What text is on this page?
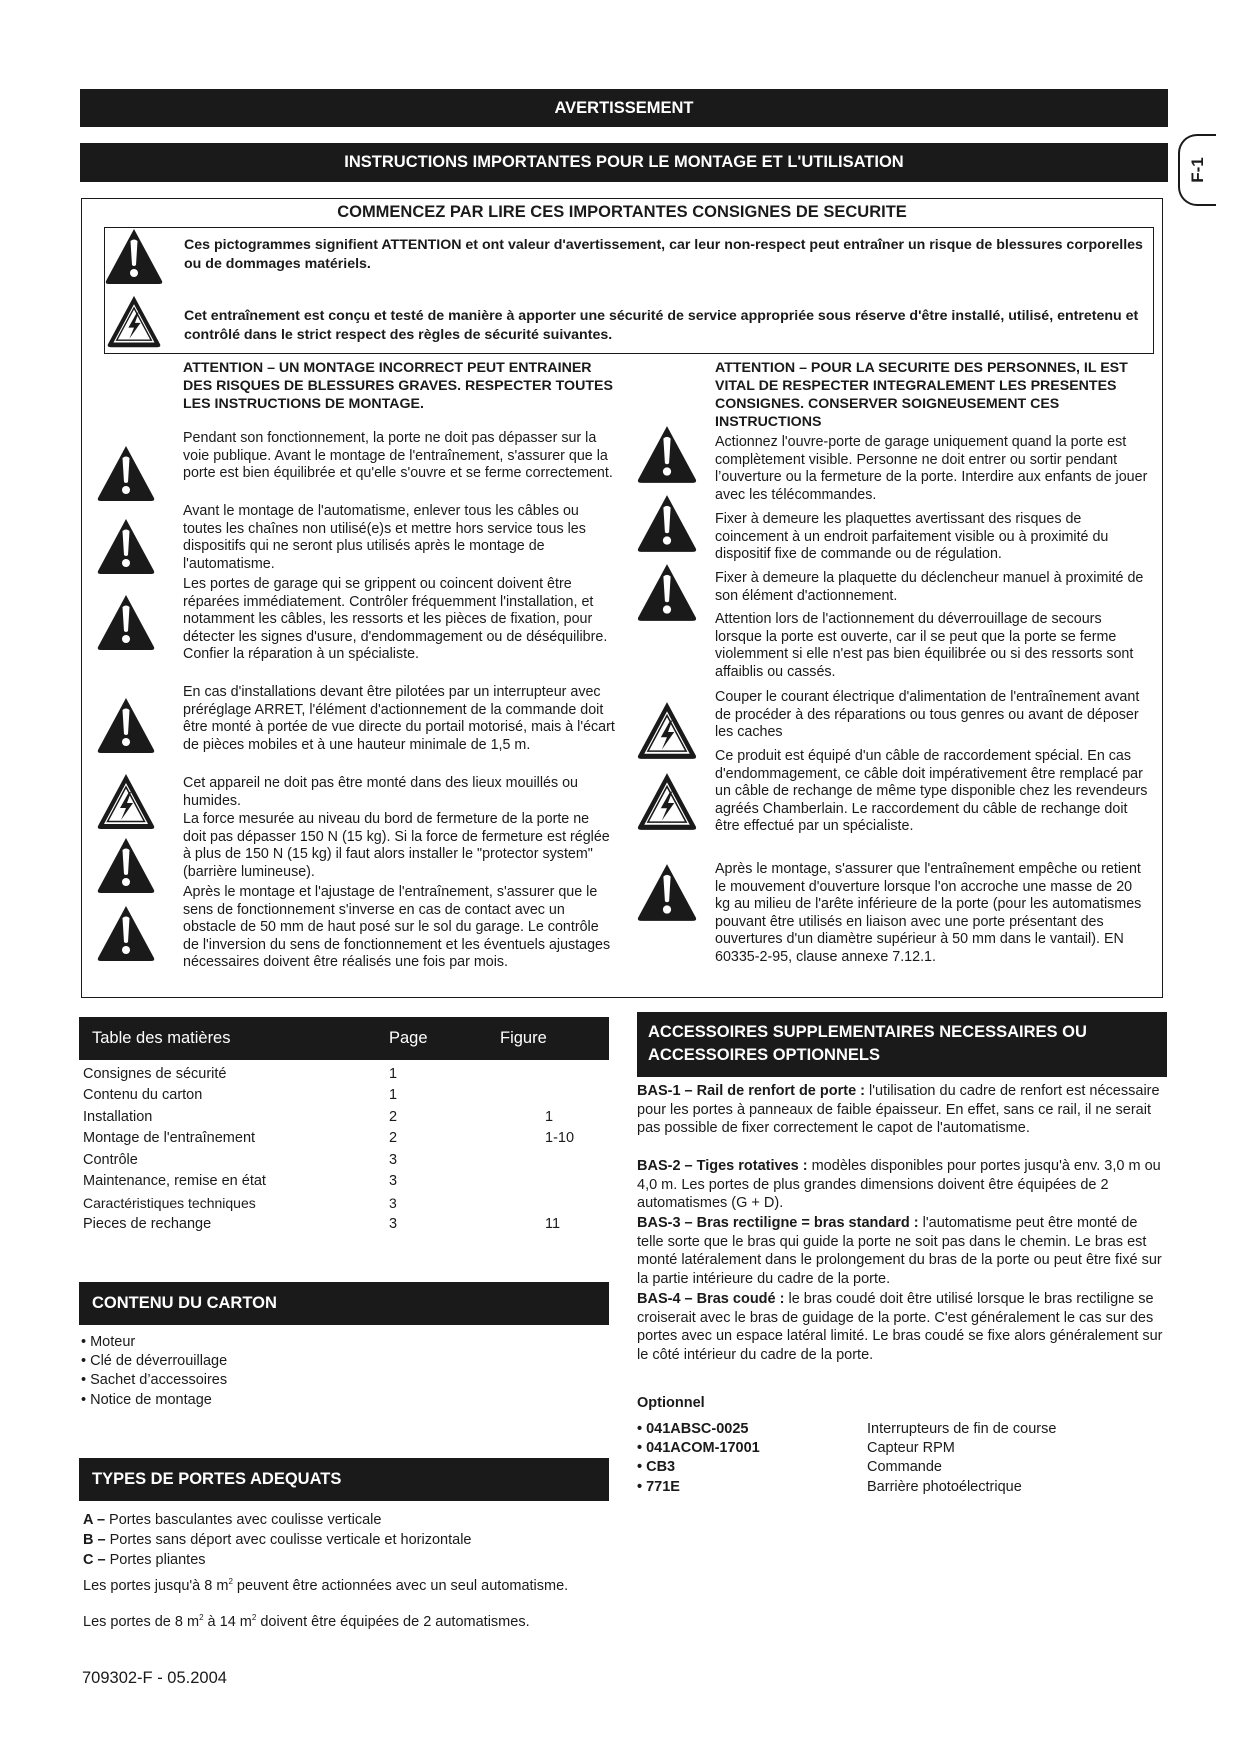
AVERTISSEMENT
INSTRUCTIONS IMPORTANTES POUR LE MONTAGE ET L'UTILISATION	F-1
COMMENCEZ PAR LIRE CES IMPORTANTES CONSIGNES DE SECURITE
Ces pictogrammes signifient ATTENTION et ont valeur d'avertissement, car leur non-respect peut entraîner un risque de blessures corporelles ou de dommages matériels.
Cet entraînement est conçu et testé de manière à apporter une sécurité de service appropriée sous réserve d'être installé, utilisé, entretenu et contrôlé dans le strict respect des règles de sécurité suivantes.
ATTENTION – UN MONTAGE INCORRECT PEUT ENTRAINER DES RISQUES DE BLESSURES GRAVES. RESPECTER TOUTES LES INSTRUCTIONS DE MONTAGE.
Pendant son fonctionnement, la porte ne doit pas dépasser sur la voie publique. Avant le montage de l'entraînement, s'assurer que la porte est bien équilibrée et qu'elle s'ouvre et se ferme correctement.
Avant le montage de l'automatisme, enlever tous les câbles ou toutes les chaînes non utilisé(e)s et mettre hors service tous les dispositifs qui ne seront plus utilisés après le montage de l'automatisme.
Les portes de garage qui se grippent ou coincent doivent être réparées immédiatement. Contrôler fréquemment l'installation, et notamment les câbles, les ressorts et les pièces de fixation, pour détecter les signes d'usure, d'endommagement ou de déséquilibre. Confier la réparation à un spécialiste.
En cas d'installations devant être pilotées par un interrupteur avec préréglage ARRET, l'élément d'actionnement de la commande doit être monté à portée de vue directe du portail motorisé, mais à l'écart de pièces mobiles et à une hauteur minimale de 1,5 m.
Cet appareil ne doit pas être monté dans des lieux mouillés ou humides.
La force mesurée au niveau du bord de fermeture de la porte ne doit pas dépasser 150 N (15 kg). Si la force de fermeture est réglée à plus de 150 N (15 kg) il faut alors installer le "protector system" (barrière lumineuse).
Après le montage et l'ajustage de l'entraînement, s'assurer que le sens de fonctionnement s'inverse en cas de contact avec un obstacle de 50 mm de haut posé sur le sol du garage. Le contrôle de l'inversion du sens de fonctionnement et les éventuels ajustages nécessaires doivent être réalisés une fois par mois.
ATTENTION – POUR LA SECURITE DES PERSONNES, IL EST VITAL DE RESPECTER INTEGRALEMENT LES PRESENTES CONSIGNES. CONSERVER SOIGNEUSEMENT CES INSTRUCTIONS
Actionnez l'ouvre-porte de garage uniquement quand la porte est complètement visible. Personne ne doit entrer ou sortir pendant l’ouverture ou la fermeture de la porte. Interdire aux enfants de jouer avec les télécommandes.
Fixer à demeure les plaquettes avertissant des risques de coincement à un endroit parfaitement visible ou à proximité du dispositif fixe de commande ou de régulation.
Fixer à demeure la plaquette du déclencheur manuel à proximité de son élément d'actionnement.
Attention lors de l'actionnement du déverrouillage de secours lorsque la porte est ouverte, car il se peut que la porte se ferme violemment si elle n'est pas bien équilibrée ou si des ressorts sont affaiblis ou cassés.
Couper le courant électrique d'alimentation de l'entraînement avant de procéder à des réparations ou tous genres ou avant de déposer les caches
Ce produit est équipé d'un câble de raccordement spécial. En cas d'endommagement, ce câble doit impérativement être remplacé par un câble de rechange de même type disponible chez les revendeurs agréés Chamberlain. Le raccordement du câble de rechange doit être effectué par un spécialiste.
Après le montage, s'assurer que l'entraînement empêche ou retient le mouvement d'ouverture lorsque l'on accroche une masse de 20 kg au milieu de l'arête inférieure de la porte (pour les automatismes pouvant être utilisés en liaison avec une porte présentant des ouvertures d'un diamètre supérieur à 50 mm dans le vantail). EN 60335-2-95, clause annexe 7.12.1.
Table des matières	Page	Figure
Consignes de sécurité	1
Contenu du carton	1
Installation	2	1
Montage de l'entraînement	2	1-10
Contrôle	3
Maintenance, remise en état	3
Caractéristiques techniques	3
Pieces de rechange	3	11
CONTENU DU CARTON
• Moteur
• Clé de déverrouillage
• Sachet d’accessoires
• Notice de montage
TYPES DE PORTES ADEQUATS
A – Portes basculantes avec coulisse verticale
B – Portes sans déport avec coulisse verticale et horizontale
C – Portes pliantes
Les portes jusqu'à 8 $m^2$ peuvent être actionnées avec un seul automatisme.
Les portes de 8 $m^2$ à 14 $m^2$ doivent être équipées de 2 automatismes.
ACCESSOIRES SUPPLEMENTAIRES NECESSAIRES OU
ACCESSOIRES OPTIONNELS
BAS-1 – Rail de renfort de porte : l'utilisation du cadre de renfort est nécessaire pour les portes à panneaux de faible épaisseur. En effet, sans ce rail, il ne serait pas possible de fixer correctement le capot de l'automatisme.
BAS-2 – Tiges rotatives : modèles disponibles pour portes jusqu'à env. 3,0 m ou 4,0 m. Les portes de plus grandes dimensions doivent être équipées de 2 automatismes (G + D).
BAS-3 – Bras rectiligne = bras standard : l'automatisme peut être monté de telle sorte que le bras qui guide la porte ne soit pas dans le chemin. Le bras est monté latéralement dans le prolongement du bras de la porte ou peut être fixé sur la partie intérieure du cadre de la porte.
BAS-4 – Bras coudé : le bras coudé doit être utilisé lorsque le bras rectiligne se croiserait avec le bras de guidage de la porte. C'est généralement le cas sur des portes avec un espace latéral limité. Le bras coudé se fixe alors généralement sur le côté intérieur du cadre de la porte.
Optionnel
• 041ABSC-0025	Interrupteurs de fin de course
• 041ACOM-17001	Capteur RPM
• CB3	Commande
• 771E	Barrière photoélectrique
709302-F - 05.2004
